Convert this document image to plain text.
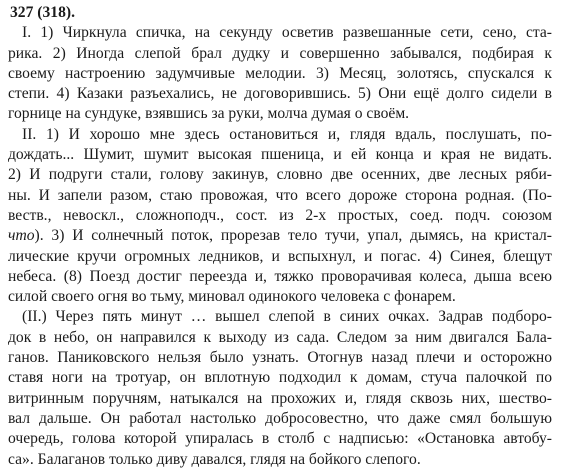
327 (318).
I. 1) Чиркнула спичка, на секунду осветив развешанные сети, сено, ста-
рика. 2) Иногда слепой брал дудку и совершенно забывался, подбирая к
своему настроению задумчивые мелодии. 3) Месяц, золотясь, спускался к
степи. 4) Казаки разъехались, не договорившись. 5) Они ещё долго сидели в
горнице на сундуке, взявшись за руки, молча думая о своём.
II. 1) И хорошо мне здесь остановиться и, глядя вдаль, послушать, по-
дождать... Шумит, шумит высокая пшеница, и ей конца и края не видать.
2) И подруги стали, голову закинув, словно две осенних, две лесных ряби-
ны. И запели разом, стаю провожая, что всего дороже сторона родная. (По-
веств., невоскл., сложноподч., сост. из 2-х простых, соед. подч. союзом
что). 3) И солнечный поток, прорезав тело тучи, упал, дымясь, на кристал-
лические кручи огромных ледников, и вспыхнул, и погас. 4) Синея, блещут
небеса. (8) Поезд достиг переезда и, тяжко проворачивая колеса, дыша всею
силой своего огня во тьму, миновал одинокого человека с фонарем.
(II.) Через пять минут … вышел слепой в синих очках. Задрав подборо-
док в небо, он направился к выходу из сада. Следом за ним двигался Бала-
ганов. Паниковского нельзя было узнать. Отогнув назад плечи и осторожно
ставя ноги на тротуар, он вплотную подходил к домам, стуча палочкой по
витринным поручням, натыкался на прохожих и, глядя сквозь них, шество-
вал дальше. Он работал настолько добросовестно, что даже смял большую
очередь, голова которой упиралась в столб с надписью: «Остановка автобу-
са». Балаганов только диву давался, глядя на бойкого слепого.
